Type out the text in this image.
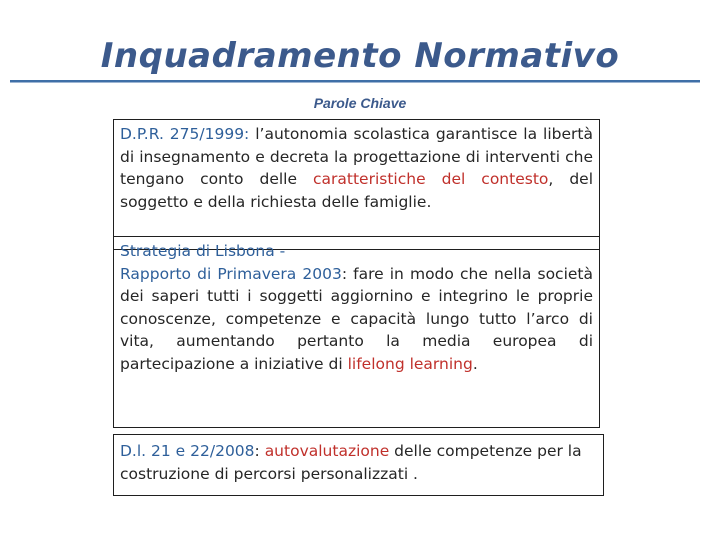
Inquadramento Normativo
Parole Chiave
D.P.R. 275/1999: l’autonomia scolastica garantisce la libertà di insegnamento e decreta la progettazione di interventi che tengano conto delle caratteristiche del contesto, del soggetto e della richiesta delle famiglie.
Strategia di Lisbona -
Rapporto di Primavera 2003: fare in modo che nella società dei saperi tutti i soggetti aggiornino e integrino le proprie conoscenze, competenze e capacità lungo tutto l’arco di vita, aumentando pertanto la media europea di partecipazione a iniziative di lifelong learning.
D.l. 21 e 22/2008: autovalutazione delle competenze per la costruzione di percorsi personalizzati .
